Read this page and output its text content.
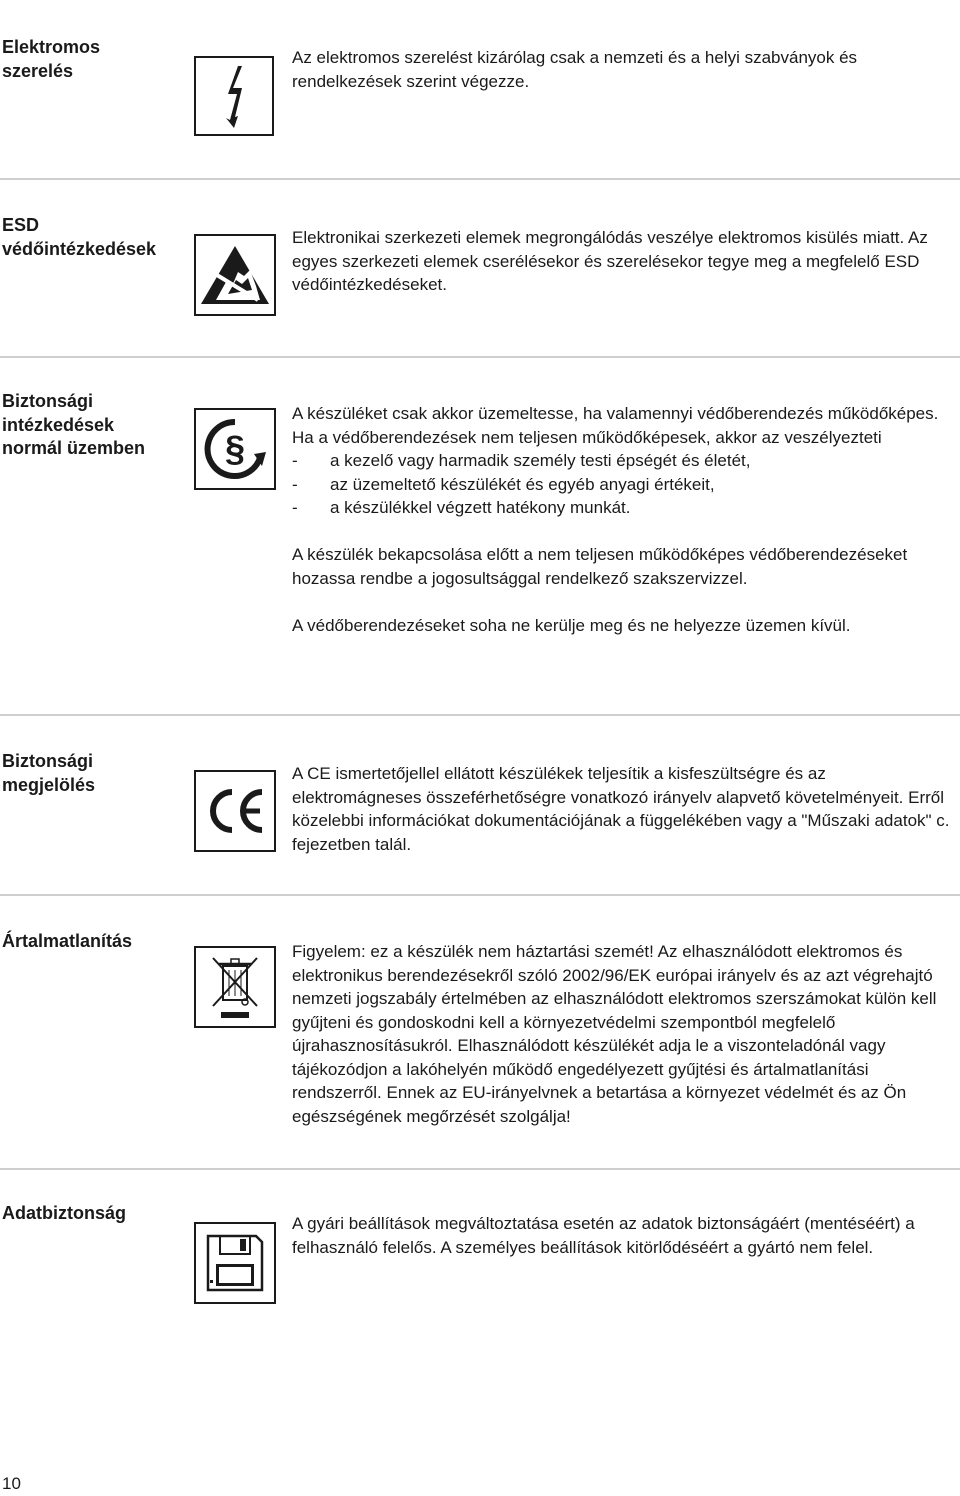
Elektromos szerelés

Az elektromos szerelést kizárólag csak a nemzeti és a helyi szabványok és rendelkezések szerint végezze.

ESD védőintézkedések

Elektronikai szerkezeti elemek megrongálódás veszélye elektromos kisülés miatt. Az egyes szerkezeti elemek cserélésekor és szerelésekor tegye meg a megfelelő ESD védőintézkedéseket.

Biztonsági intézkedések normál üzemben	§

A készüléket csak akkor üzemeltesse, ha valamennyi védőberendezés működőképes. Ha a védőberendezések nem teljesen működőképesek, akkor az veszélyezteti

- a kezelő vagy harmadik személy testi épségét és életét,
- az üzemeltető készülékét és egyéb anyagi értékeit,
- a készülékkel végzett hatékony munkát.

A készülék bekapcsolása előtt a nem teljesen működőképes védőberendezéseket hozassa rendbe a jogosultsággal rendelkező szakszervizzel.

A védőberendezéseket soha ne kerülje meg és ne helyezze üzemen kívül.

Biztonsági megjelölés

A CE ismertetőjellel ellátott készülékek teljesítik a kisfeszültségre és az elektromágneses összeférhetőségre vonatkozó irányelv alapvető követelményeit. Erről közelebbi információkat dokumentációjának a függelékében vagy a "Műszaki adatok" c. fejezetben talál.

Ártalmatlanítás

Figyelem: ez a készülék nem háztartási szemét! Az elhasználódott elektromos és elektronikus berendezésekről szóló 2002/96/EK európai irányelv és az azt végrehajtó nemzeti jogszabály értelmében az elhasználódott elektromos szerszámokat külön kell gyűjteni és gondoskodni kell a környezetvédelmi szempontból megfelelő újrahasznosításukról. Elhasználódott készülékét adja le a viszonteladónál vagy tájékozódjon a lakóhelyén működő engedélyezett gyűjtési és ártalmatlanítási rendszerről. Ennek az EU-irányelvnek a betartása a környezet védelmét és az Ön egészségének megőrzését szolgálja!

Adatbiztonság

A gyári beállítások megváltoztatása esetén az adatok biztonságáért (mentéséért) a felhasználó felelős. A személyes beállítások kitörlődéséért a gyártó nem felel.

10
